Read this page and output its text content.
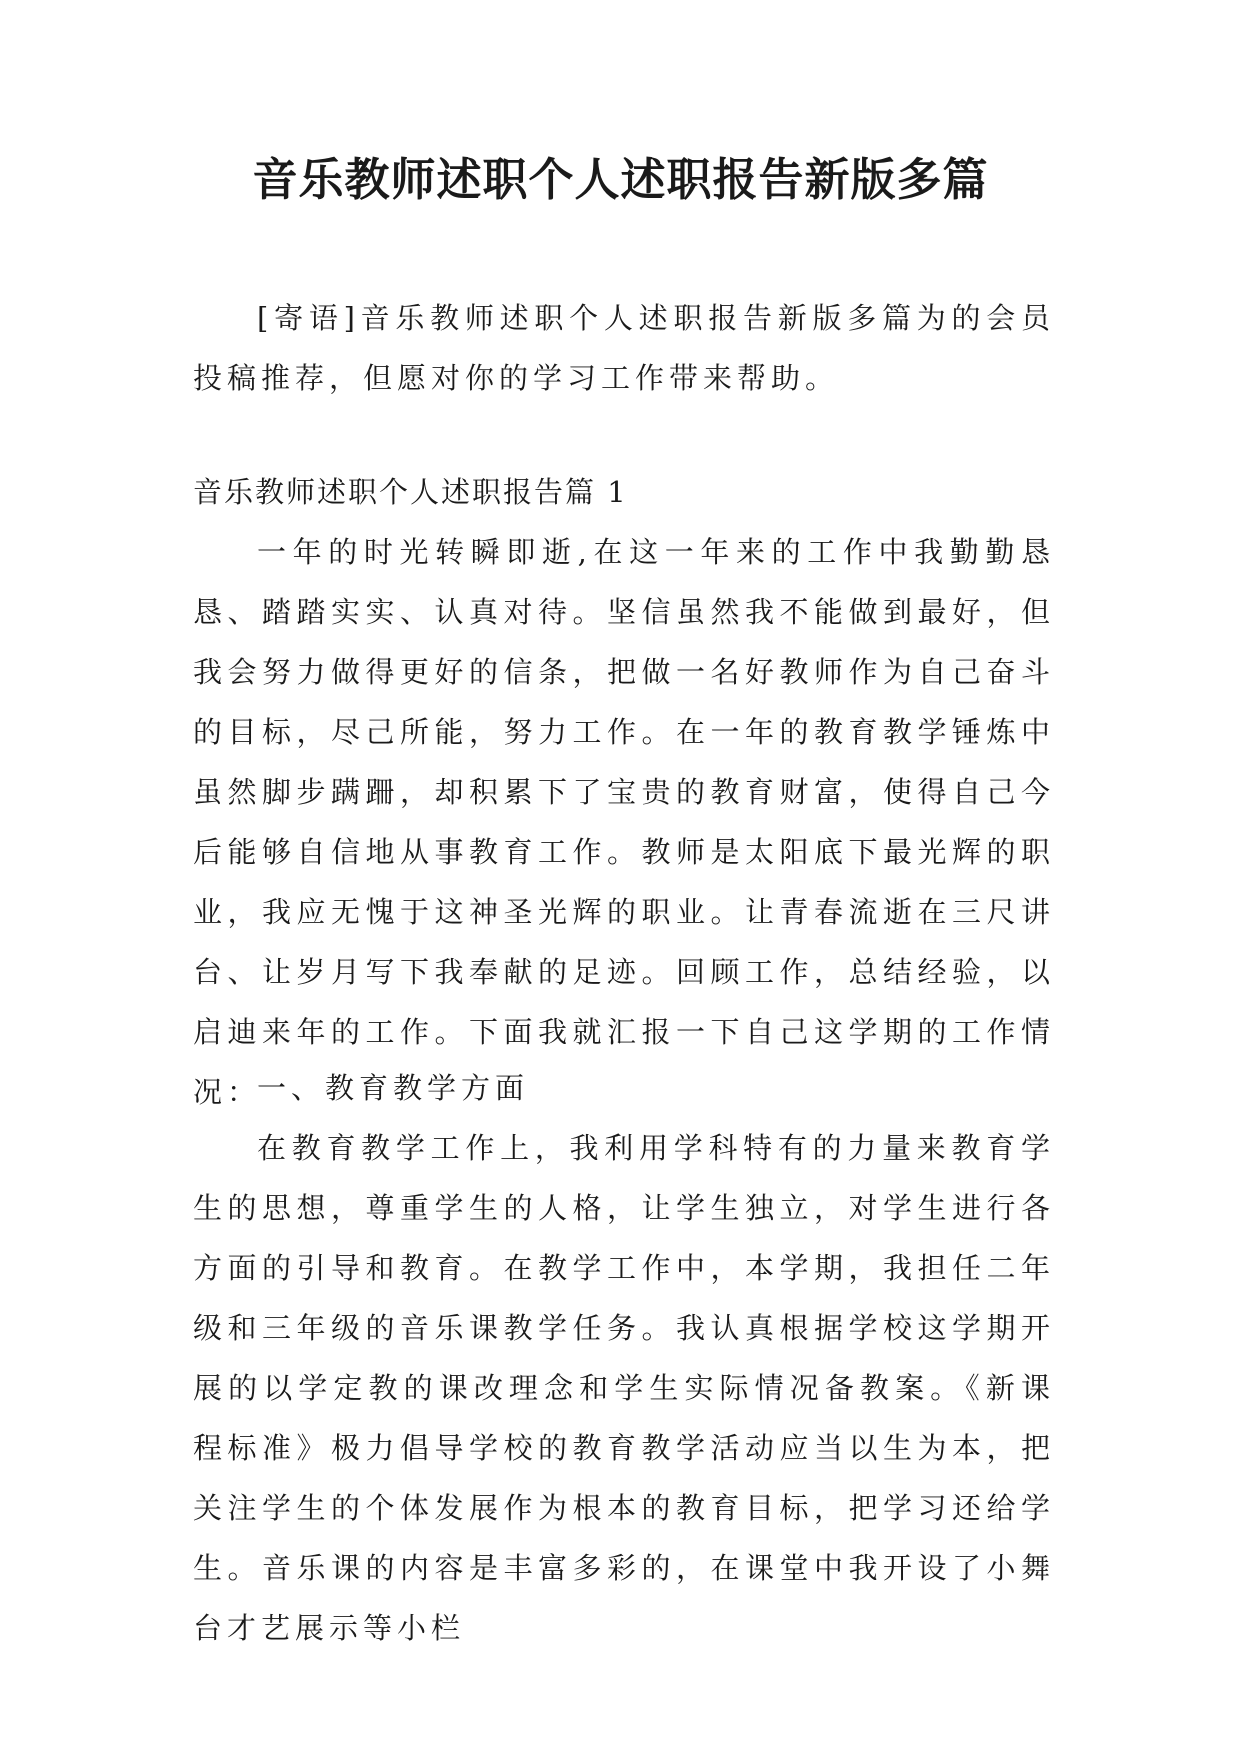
音乐教师述职个人述职报告新版多篇

[寄语]音乐教师述职个人述职报告新版多篇为的会员投稿推荐，但愿对你的学习工作带来帮助。

音乐教师述职个人述职报告篇 1

一年的时光转瞬即逝,在这一年来的工作中我勤勤恳恳、踏踏实实、认真对待。坚信虽然我不能做到最好，但我会努力做得更好的信条，把做一名好教师作为自己奋斗的目标，尽己所能，努力工作。在一年的教育教学锤炼中虽然脚步蹒跚，却积累下了宝贵的教育财富，使得自己今后能够自信地从事教育工作。教师是太阳底下最光辉的职业，我应无愧于这神圣光辉的职业。让青春流逝在三尺讲台、让岁月写下我奉献的足迹。回顾工作，总结经验，以启迪来年的工作。下面我就汇报一下自己这学期的工作情况：

一、教育教学方面

在教育教学工作上，我利用学科特有的力量来教育学生的思想，尊重学生的人格，让学生独立，对学生进行各方面的引导和教育。在教学工作中，本学期，我担任二年级和三年级的音乐课教学任务。我认真根据学校这学期开展的以学定教的课改理念和学生实际情况备教案。《新课程标准》极力倡导学校的教育教学活动应当以生为本，把关注学生的个体发展作为根本的教育目标，把学习还给学生。音乐课的内容是丰富多彩的，在课堂中我开设了小舞台才艺展示等小栏
